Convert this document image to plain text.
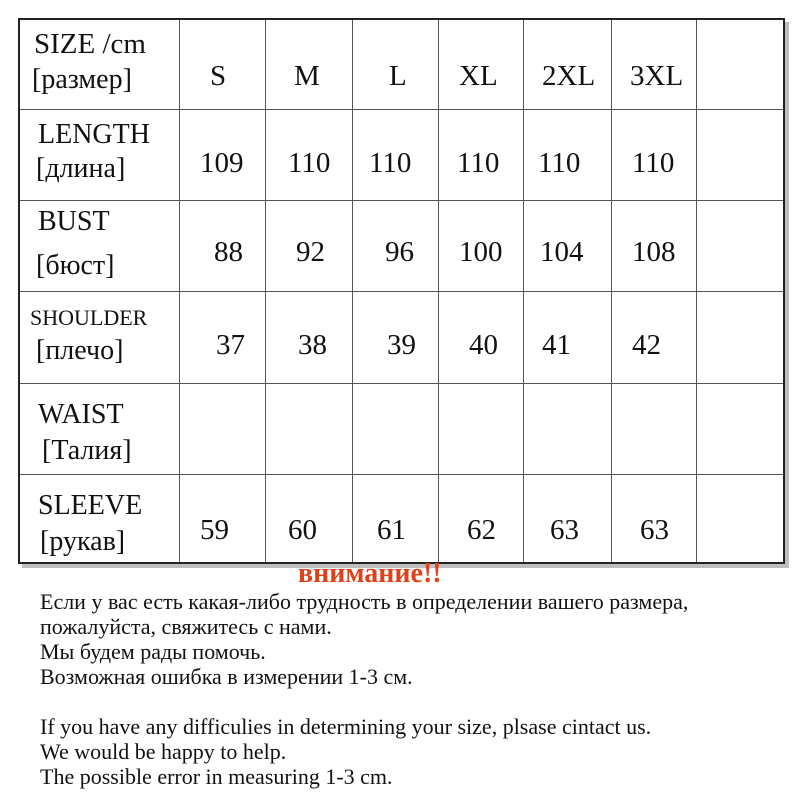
SIZE /cm
[размер]	S M L XL 2XL 3XL
LENGTH
[длина]	109 110 110 110 110 110
BUST
[бюст]	88 92 96 100 104 108
SHOULDER
[плечо]	37 38 39 40 41 42
WAIST
[Талия]
SLEEVE
[рукав]	59 60 61 62 63 63
внимание!!
Если у вас есть какая-либо трудность в определении вашего размера,
пожалуйста, свяжитесь с нами.
Мы будем рады помочь.
Возможная ошибка в измерении 1-3 см.
If you have any difficulies in determining your size, plsase cintact us.
We would be happy to help.
The possible error in measuring 1-3 cm.
